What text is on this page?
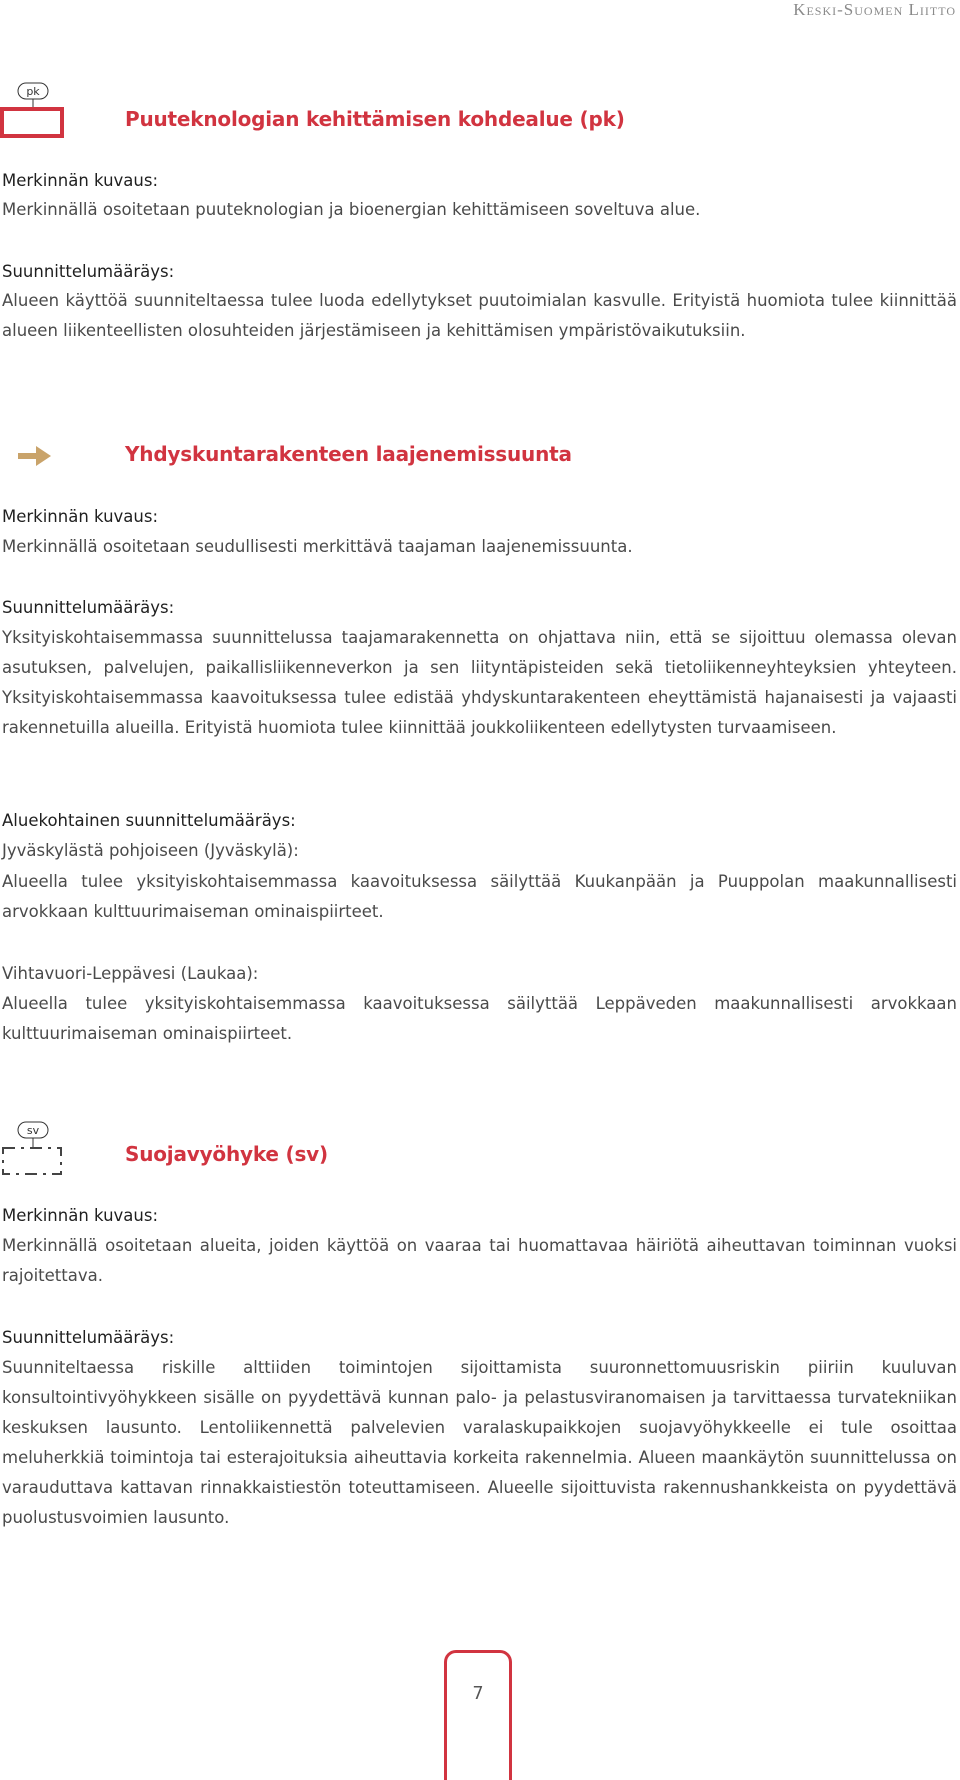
Keski-Suomen Liitto
pk
Puuteknologian kehittämisen kohdealue (pk)
Merkinnän kuvaus:
Merkinnällä osoitetaan puuteknologian ja bioenergian kehittämiseen soveltuva alue.
Suunnittelumääräys:
Alueen käyttöä suunniteltaessa tulee luoda edellytykset puutoimialan kasvulle. Erityistä huomiota tulee kiinnittää alueen liikenteellisten olosuhteiden järjestämiseen ja kehittämisen ympäristövaikutuksiin.
Yhdyskuntarakenteen laajenemissuunta
Merkinnän kuvaus:
Merkinnällä osoitetaan seudullisesti merkittävä taajaman laajenemissuunta.
Suunnittelumääräys:
Yksityiskohtaisemmassa suunnittelussa taajamarakennetta on ohjattava niin, että se sijoittuu olemassa olevan asutuksen, palvelujen, paikallisliikenneverkon ja sen liityntäpisteiden sekä tietoliikenneyhteyksien yhteyteen. Yksityiskohtaisemmassa kaavoituksessa tulee edistää yhdyskuntarakenteen eheyttämistä hajanaisesti ja vajaasti rakennetuilla alueilla. Erityistä huomiota tulee kiinnittää joukkoliikenteen edellytysten turvaamiseen.
Aluekohtainen suunnittelumääräys:
Jyväskylästä pohjoiseen (Jyväskylä):
Alueella tulee yksityiskohtaisemmassa kaavoituksessa säilyttää Kuukanpään ja Puuppolan maakunnallisesti arvokkaan kulttuurimaiseman ominaispiirteet.
Vihtavuori-Leppävesi (Laukaa):
Alueella tulee yksityiskohtaisemmassa kaavoituksessa säilyttää Leppäveden maakunnallisesti arvokkaan kulttuurimaiseman ominaispiirteet.
sv
Suojavyöhyke (sv)
Merkinnän kuvaus:
Merkinnällä osoitetaan alueita, joiden käyttöä on vaaraa tai huomattavaa häiriötä aiheuttavan toiminnan vuoksi rajoitettava.
Suunnittelumääräys:
Suunniteltaessa riskille alttiiden toimintojen sijoittamista suuronnettomuusriskin piiriin kuuluvan konsultointivyöhykkeen sisälle on pyydettävä kunnan palo- ja pelastusviranomaisen ja tarvittaessa turvatekniikan keskuksen lausunto. Lentoliikennettä palvelevien varalaskupaikkojen suojavyöhykkeelle ei tule osoittaa meluherkkiä toimintoja tai esterajoituksia aiheuttavia korkeita rakennelmia. Alueen maankäytön suunnittelussa on varauduttava kattavan rinnakkaistiestön toteuttamiseen. Alueelle sijoittuvista rakennushankkeista on pyydettävä puolustusvoimien lausunto.
7
